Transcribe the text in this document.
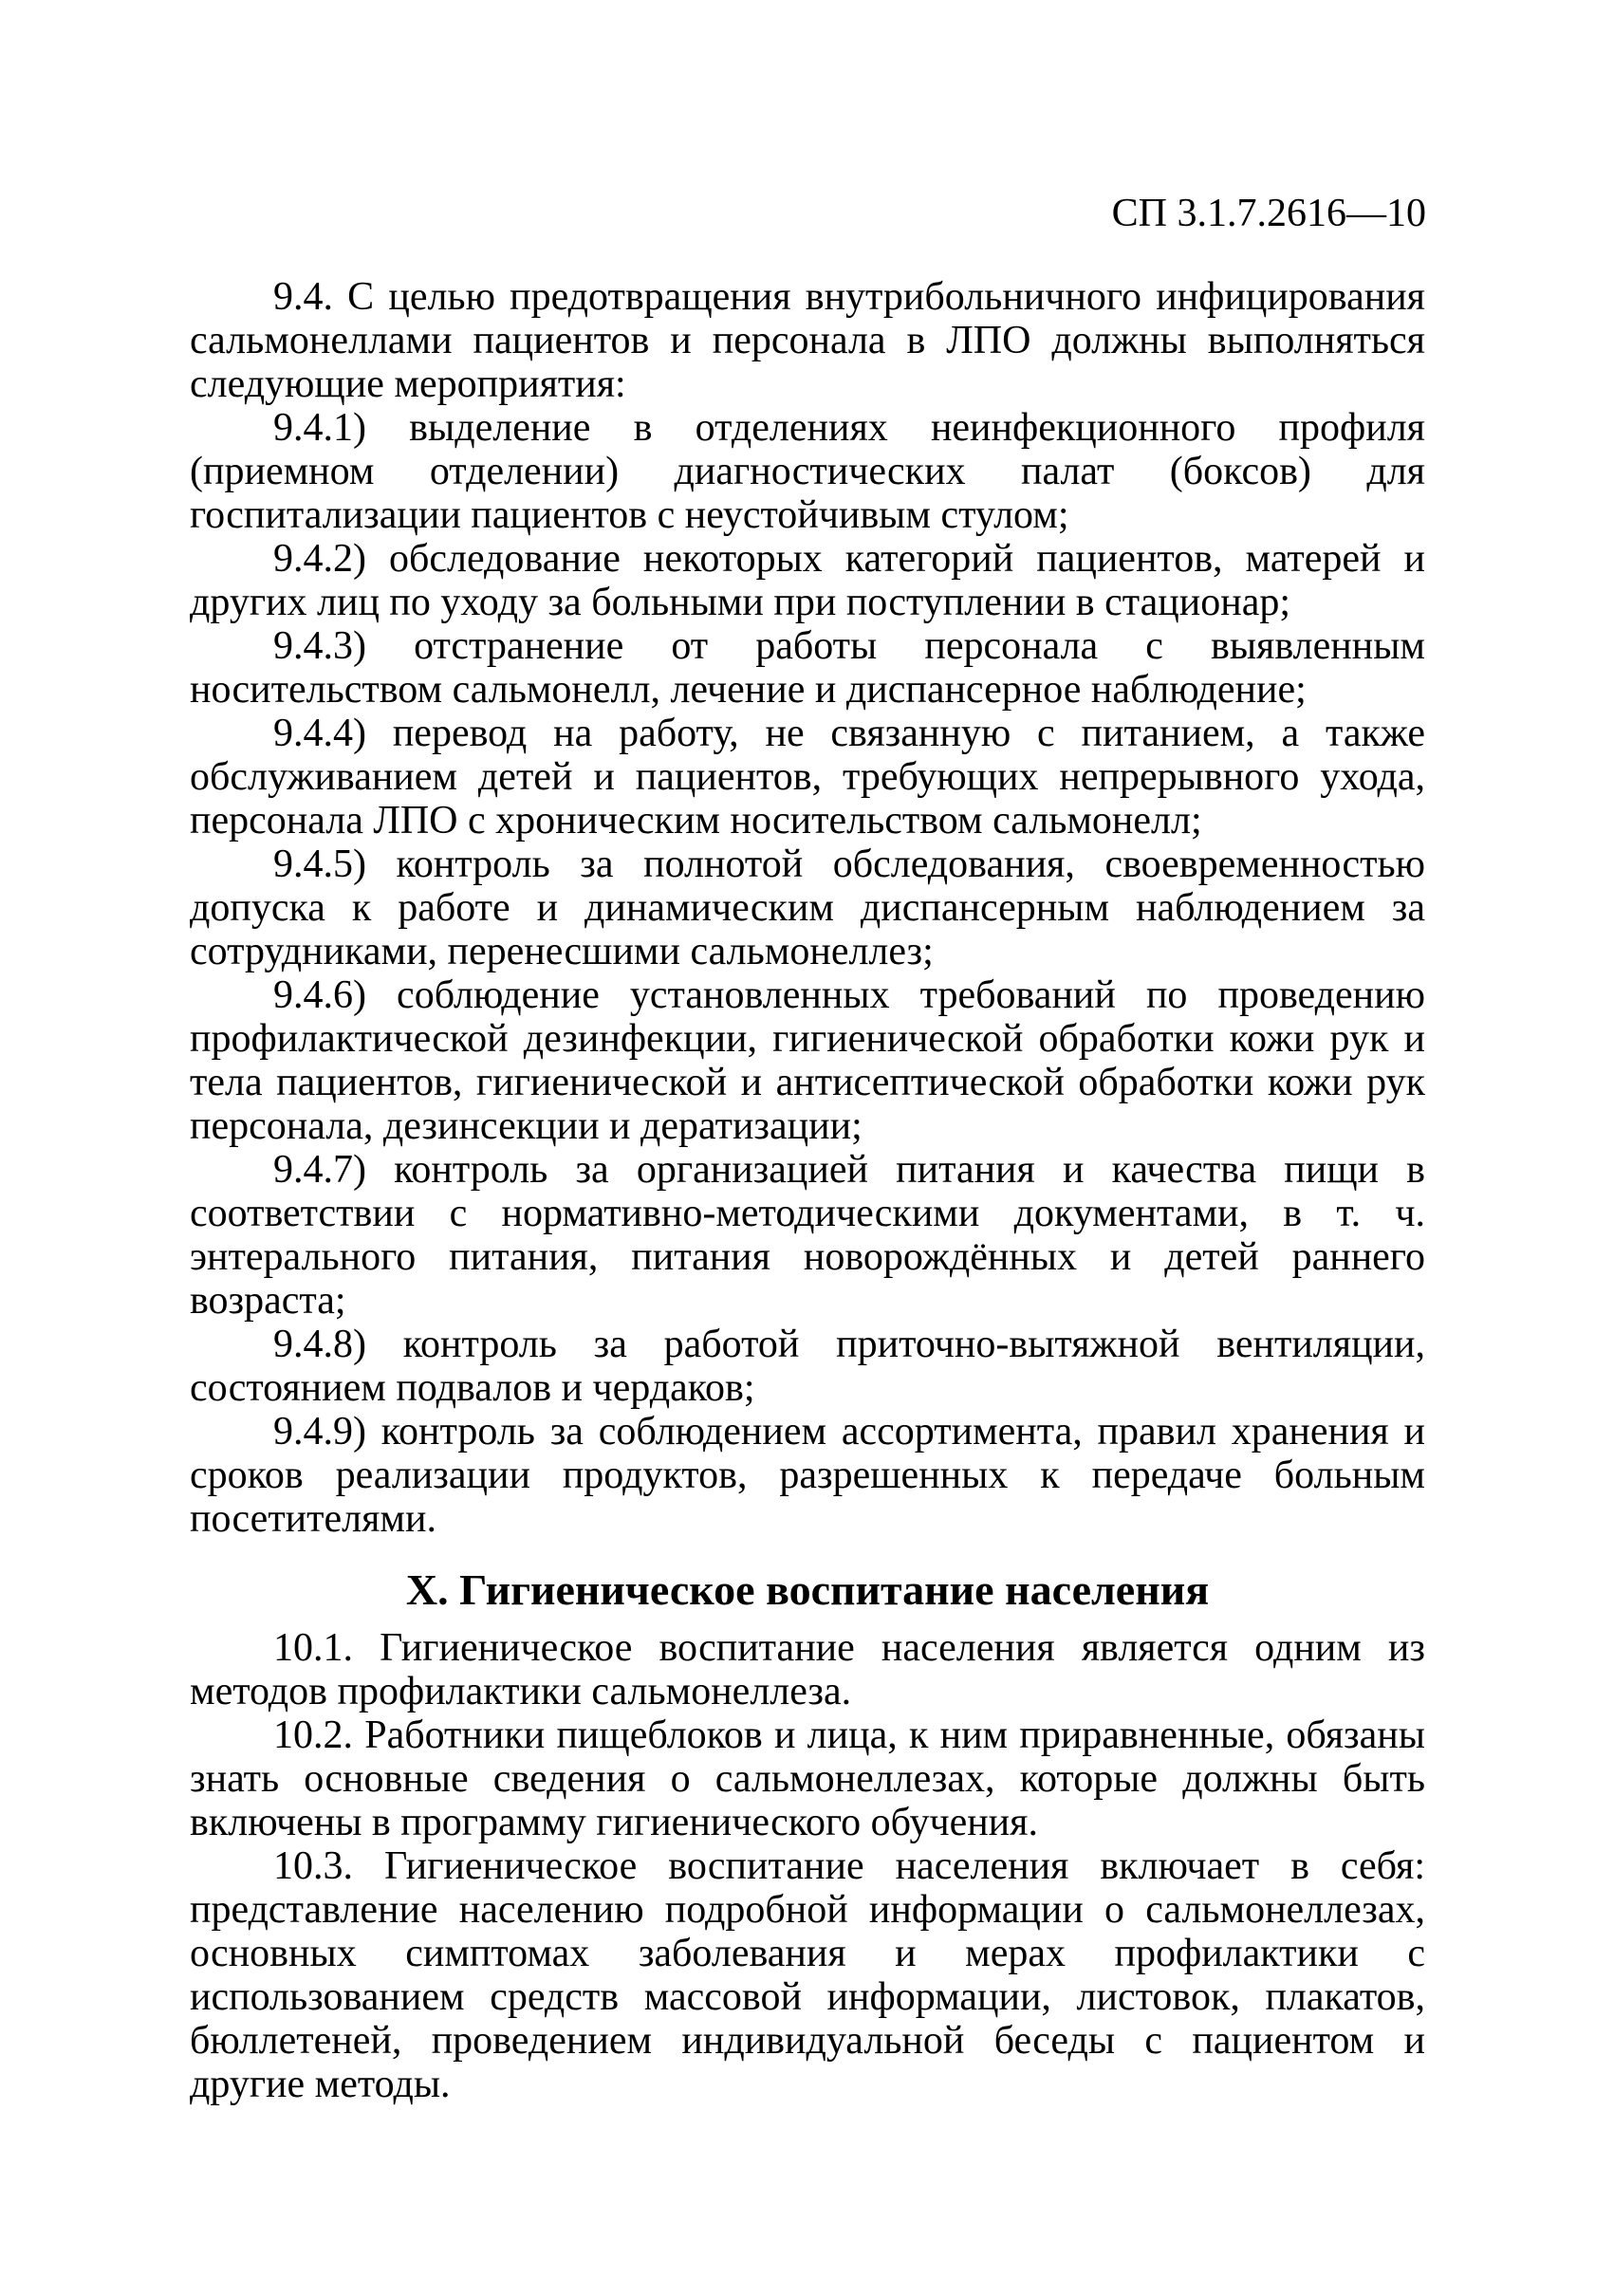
СП 3.1.7.2616—10

9.4. С целью предотвращения внутрибольничного инфицирования сальмонеллами пациентов и персонала в ЛПО должны выполняться следующие мероприятия:

9.4.1) выделение в отделениях неинфекционного профиля (приемном отделении) диагностических палат (боксов) для госпитализации пациентов с неустойчивым стулом;

9.4.2) обследование некоторых категорий пациентов, матерей и других лиц по уходу за больными при поступлении в стационар;

9.4.3) отстранение от работы персонала с выявленным носительством сальмонелл, лечение и диспансерное наблюдение;

9.4.4) перевод на работу, не связанную с питанием, а также обслуживанием детей и пациентов, требующих непрерывного ухода, персонала ЛПО с хроническим носительством сальмонелл;

9.4.5) контроль за полнотой обследования, своевременностью допуска к работе и динамическим диспансерным наблюдением за сотрудниками, перенесшими сальмонеллез;

9.4.6) соблюдение установленных требований по проведению профилактической дезинфекции, гигиенической обработки кожи рук и тела пациентов, гигиенической и антисептической обработки кожи рук персонала, дезинсекции и дератизации;

9.4.7) контроль за организацией питания и качества пищи в соответствии с нормативно-методическими документами, в т. ч. энтерального питания, питания новорождённых и детей раннего возраста;

9.4.8) контроль за работой приточно-вытяжной вентиляции, состоянием подвалов и чердаков;

9.4.9) контроль за соблюдением ассортимента, правил хранения и сроков реализации продуктов, разрешенных к передаче больным посетителями.

X. Гигиеническое воспитание населения

10.1. Гигиеническое воспитание населения является одним из методов профилактики сальмонеллеза.

10.2. Работники пищеблоков и лица, к ним приравненные, обязаны знать основные сведения о сальмонеллезах, которые должны быть включены в программу гигиенического обучения.

10.3. Гигиеническое воспитание населения включает в себя: представление населению подробной информации о сальмонеллезах, основных симптомах заболевания и мерах профилактики с использованием средств массовой информации, листовок, плакатов, бюллетеней, проведением индивидуальной беседы с пациентом и другие методы.
